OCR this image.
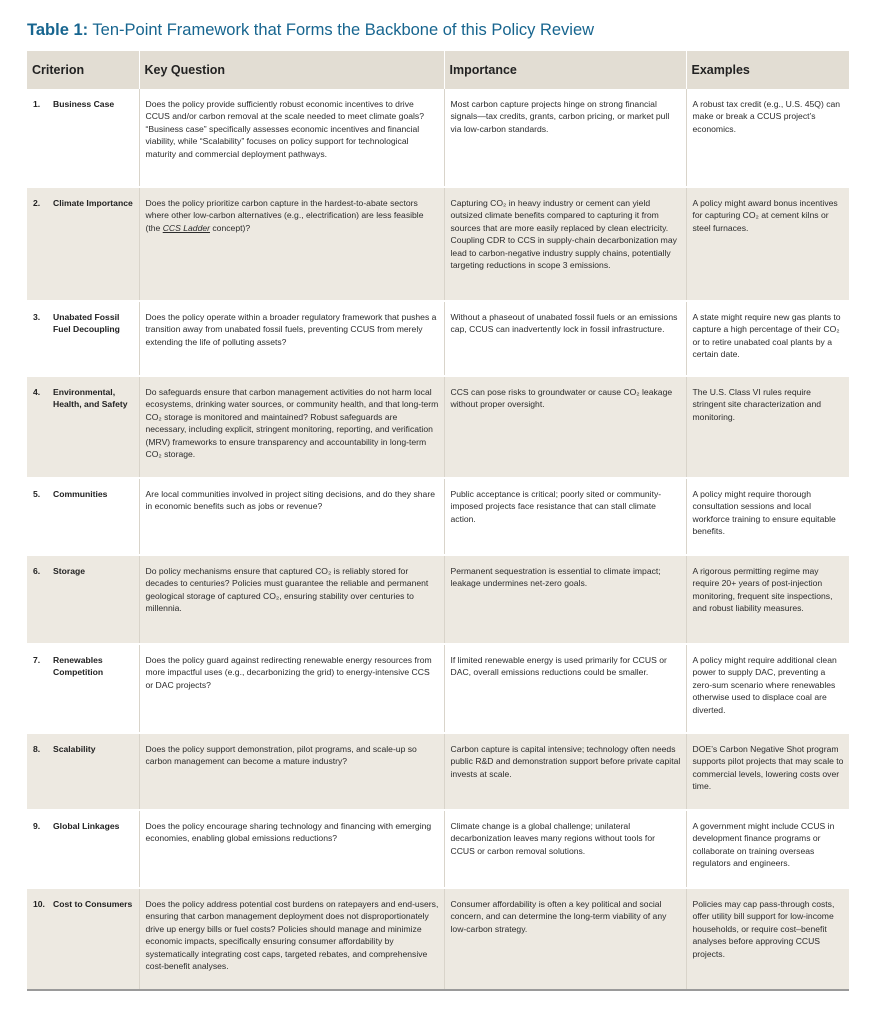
Table 1: Ten-Point Framework that Forms the Backbone of this Policy Review
Criterion	Key Question	Importance	Examples

1. Business Case	Does the policy provide sufficiently robust economic incentives to drive CCUS and/or carbon removal at the scale needed to meet climate goals? “Business case” specifically assesses economic incentives and financial viability, while “Scalability” focuses on policy support for technological maturity and commercial deployment pathways.	Most carbon capture projects hinge on strong financial signals—tax credits, grants, carbon pricing, or market pull via low-carbon standards.	A robust tax credit (e.g., U.S. 45Q) can make or break a CCUS project’s economics.

2. Climate Importance	Does the policy prioritize carbon capture in the hardest-to-abate sectors where other low-carbon alternatives (e.g., electrification) are less feasible (the CCS Ladder concept)?	Capturing CO₂ in heavy industry or cement can yield outsized climate benefits compared to capturing it from sources that are more easily replaced by clean electricity. Coupling CDR to CCS in supply-chain decarbonization may lead to carbon-negative industry supply chains, potentially targeting reductions in scope 3 emissions.	A policy might award bonus incentives for capturing CO₂ at cement kilns or steel furnaces.

3. Unabated Fossil Fuel Decoupling	Does the policy operate within a broader regulatory framework that pushes a transition away from unabated fossil fuels, preventing CCUS from merely extending the life of polluting assets?	Without a phaseout of unabated fossil fuels or an emissions cap, CCUS can inadvertently lock in fossil infrastructure.	A state might require new gas plants to capture a high percentage of their CO₂ or to retire unabated coal plants by a certain date.

4. Environmental, Health, and Safety	Do safeguards ensure that carbon management activities do not harm local ecosystems, drinking water sources, or community health, and that long-term CO₂ storage is monitored and maintained? Robust safeguards are necessary, including explicit, stringent monitoring, reporting, and verification (MRV) frameworks to ensure transparency and accountability in long-term CO₂ storage.	CCS can pose risks to groundwater or cause CO₂ leakage without proper oversight.	The U.S. Class VI rules require stringent site characterization and monitoring.

5. Communities	Are local communities involved in project siting decisions, and do they share in economic benefits such as jobs or revenue?	Public acceptance is critical; poorly sited or community-imposed projects face resistance that can stall climate action.	A policy might require thorough consultation sessions and local workforce training to ensure equitable benefits.

6. Storage	Do policy mechanisms ensure that captured CO₂ is reliably stored for decades to centuries? Policies must guarantee the reliable and permanent geological storage of captured CO₂, ensuring stability over centuries to millennia.	Permanent sequestration is essential to climate impact; leakage undermines net-zero goals.	A rigorous permitting regime may require 20+ years of post-injection monitoring, frequent site inspections, and robust liability measures.

7. Renewables Competition	Does the policy guard against redirecting renewable energy resources from more impactful uses (e.g., decarbonizing the grid) to energy-intensive CCS or DAC projects?	If limited renewable energy is used primarily for CCUS or DAC, overall emissions reductions could be smaller.	A policy might require additional clean power to supply DAC, preventing a zero-sum scenario where renewables otherwise used to displace coal are diverted.

8. Scalability	Does the policy support demonstration, pilot programs, and scale-up so carbon management can become a mature industry?	Carbon capture is capital intensive; technology often needs public R&D and demonstration support before private capital invests at scale.	DOE’s Carbon Negative Shot program supports pilot projects that may scale to commercial levels, lowering costs over time.

9. Global Linkages	Does the policy encourage sharing technology and financing with emerging economies, enabling global emissions reductions?	Climate change is a global challenge; unilateral decarbonization leaves many regions without tools for CCUS or carbon removal solutions.	A government might include CCUS in development finance programs or collaborate on training overseas regulators and engineers.

10. Cost to Consumers	Does the policy address potential cost burdens on ratepayers and end-users, ensuring that carbon management deployment does not disproportionately drive up energy bills or fuel costs? Policies should manage and minimize economic impacts, specifically ensuring consumer affordability by systematically integrating cost caps, targeted rebates, and comprehensive cost-benefit analyses.	Consumer affordability is often a key political and social concern, and can determine the long-term viability of any low-carbon strategy.	Policies may cap pass-through costs, offer utility bill support for low-income households, or require cost–benefit analyses before approving CCUS projects.
